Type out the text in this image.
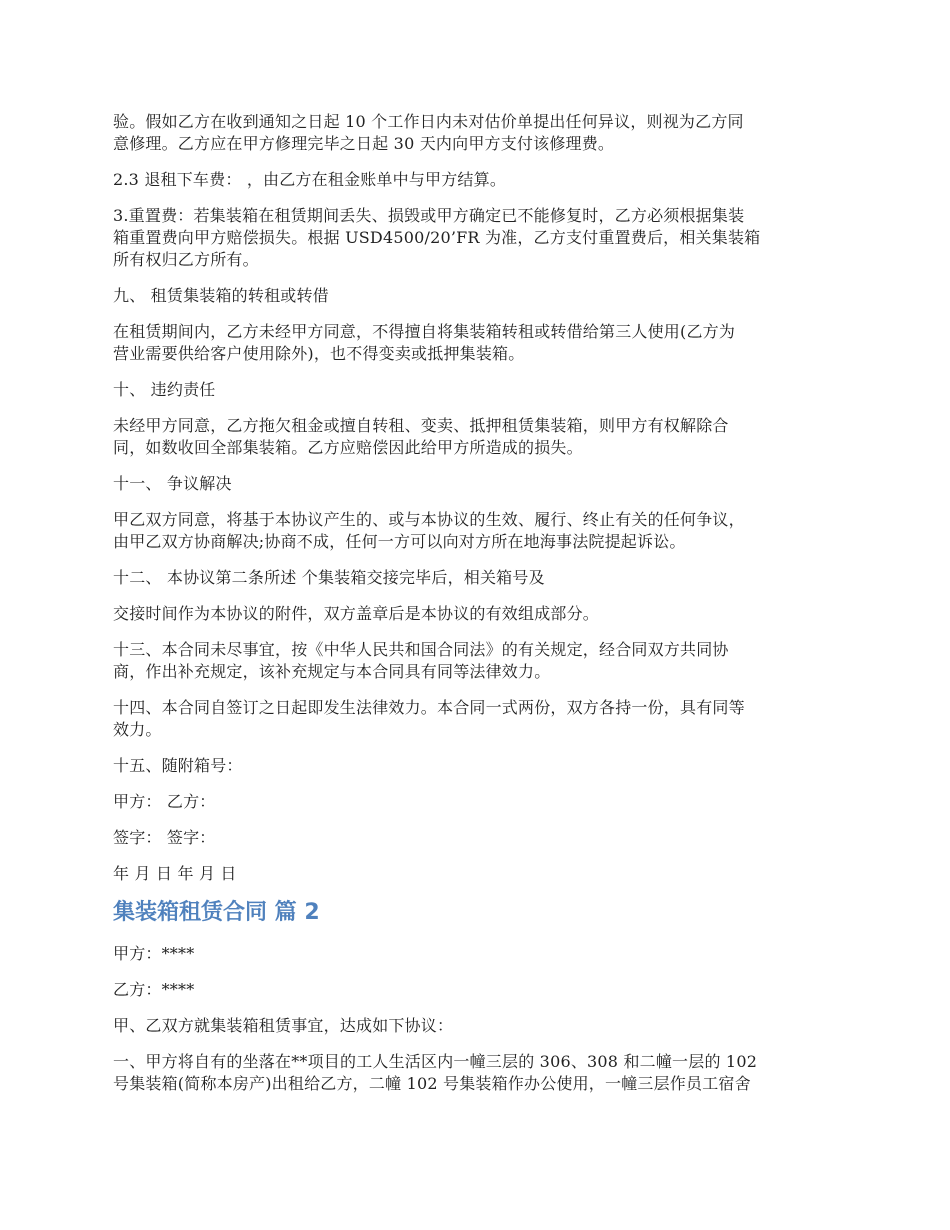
验。假如乙方在收到通知之日起 10 个工作日内未对估价单提出任何异议，则视为乙方同
意修理。乙方应在甲方修理完毕之日起 30 天内向甲方支付该修理费。
2.3 退租下车费： ，由乙方在租金账单中与甲方结算。
3.重置费：若集装箱在租赁期间丢失、损毁或甲方确定已不能修复时，乙方必须根据集装
箱重置费向甲方赔偿损失。根据 USD4500/20’FR 为准，乙方支付重置费后，相关集装箱
所有权归乙方所有。
九、 租赁集装箱的转租或转借
在租赁期间内，乙方未经甲方同意，不得擅自将集装箱转租或转借给第三人使用(乙方为
营业需要供给客户使用除外)，也不得变卖或抵押集装箱。
十、 违约责任
未经甲方同意，乙方拖欠租金或擅自转租、变卖、抵押租赁集装箱，则甲方有权解除合
同，如数收回全部集装箱。乙方应赔偿因此给甲方所造成的损失。
十一、 争议解决
甲乙双方同意，将基于本协议产生的、或与本协议的生效、履行、终止有关的任何争议，
由甲乙双方协商解决;协商不成，任何一方可以向对方所在地海事法院提起诉讼。
十二、 本协议第二条所述 个集装箱交接完毕后，相关箱号及
交接时间作为本协议的附件，双方盖章后是本协议的有效组成部分。
十三、本合同未尽事宜，按《中华人民共和国合同法》的有关规定，经合同双方共同协
商，作出补充规定，该补充规定与本合同具有同等法律效力。
十四、本合同自签订之日起即发生法律效力。本合同一式两份，双方各持一份，具有同等
效力。
十五、随附箱号：
甲方： 乙方：
签字： 签字：
年 月 日 年 月 日
集装箱租赁合同 篇 2
甲方：****
乙方：****
甲、乙双方就集装箱租赁事宜，达成如下协议：
一、甲方将自有的坐落在**项目的工人生活区内一幢三层的 306、308 和二幢一层的 102
号集装箱(简称本房产)出租给乙方，二幢 102 号集装箱作办公使用，一幢三层作员工宿舍
